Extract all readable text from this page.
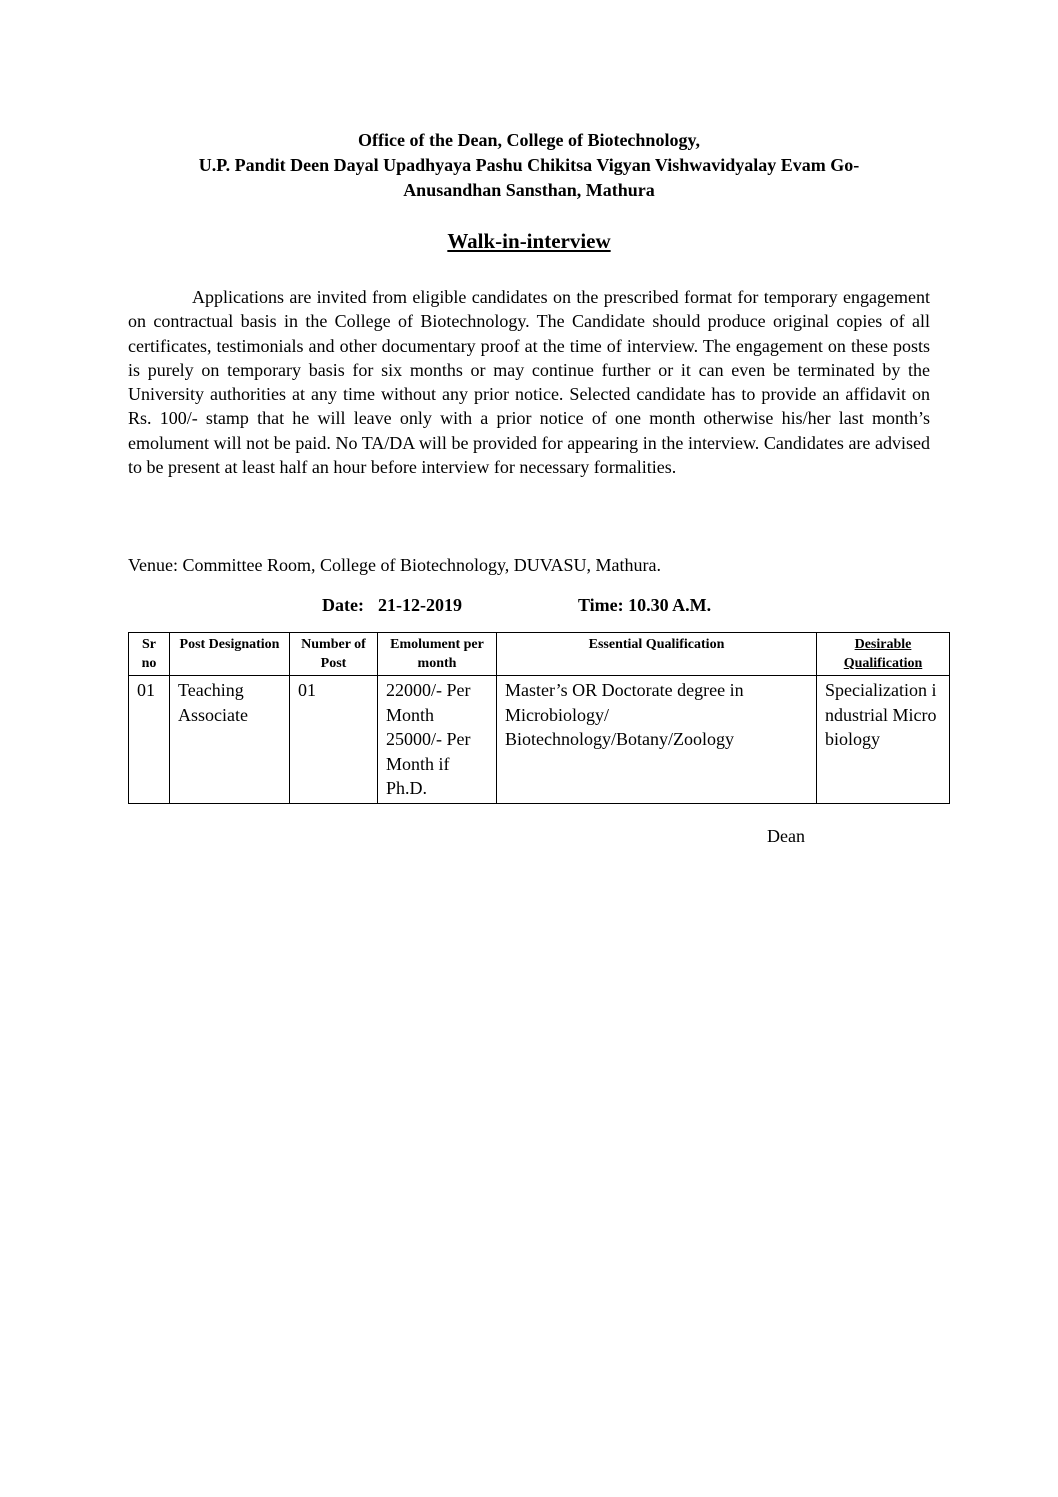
Office of the Dean, College of Biotechnology,
U.P. Pandit Deen Dayal Upadhyaya Pashu Chikitsa Vigyan Vishwavidyalay Evam Go-
Anusandhan Sansthan, Mathura
Walk-in-interview

Applications are invited from eligible candidates on the prescribed format for temporary engagement on contractual basis in the College of Biotechnology. The Candidate should produce original copies of all certificates, testimonials and other documentary proof at the time of interview. The engagement on these posts is purely on temporary basis for six months or may continue further or it can even be terminated by the University authorities at any time without any prior notice. Selected candidate has to provide an affidavit on Rs. 100/- stamp that he will leave only with a prior notice of one month otherwise his/her last month’s emolument will not be paid. No TA/DA will be provided for appearing in the interview. Candidates are advised to be present at least half an hour before interview for necessary formalities.

Venue: Committee Room, College of Biotechnology, DUVASU, Mathura.
Date: 21-12-2019	Time: 10.30 A.M.
Sr no	Post Designation	Number of Post	Emolument per month	Essential Qualification	Desirable Qualification
01	Teaching Associate	01	22000/- Per Month 25000/- Per Month if Ph.D.	Master’s OR Doctorate degree in Microbiology/ Biotechnology/Botany/Zoology	Specialization industrial Microbiology
Dean
